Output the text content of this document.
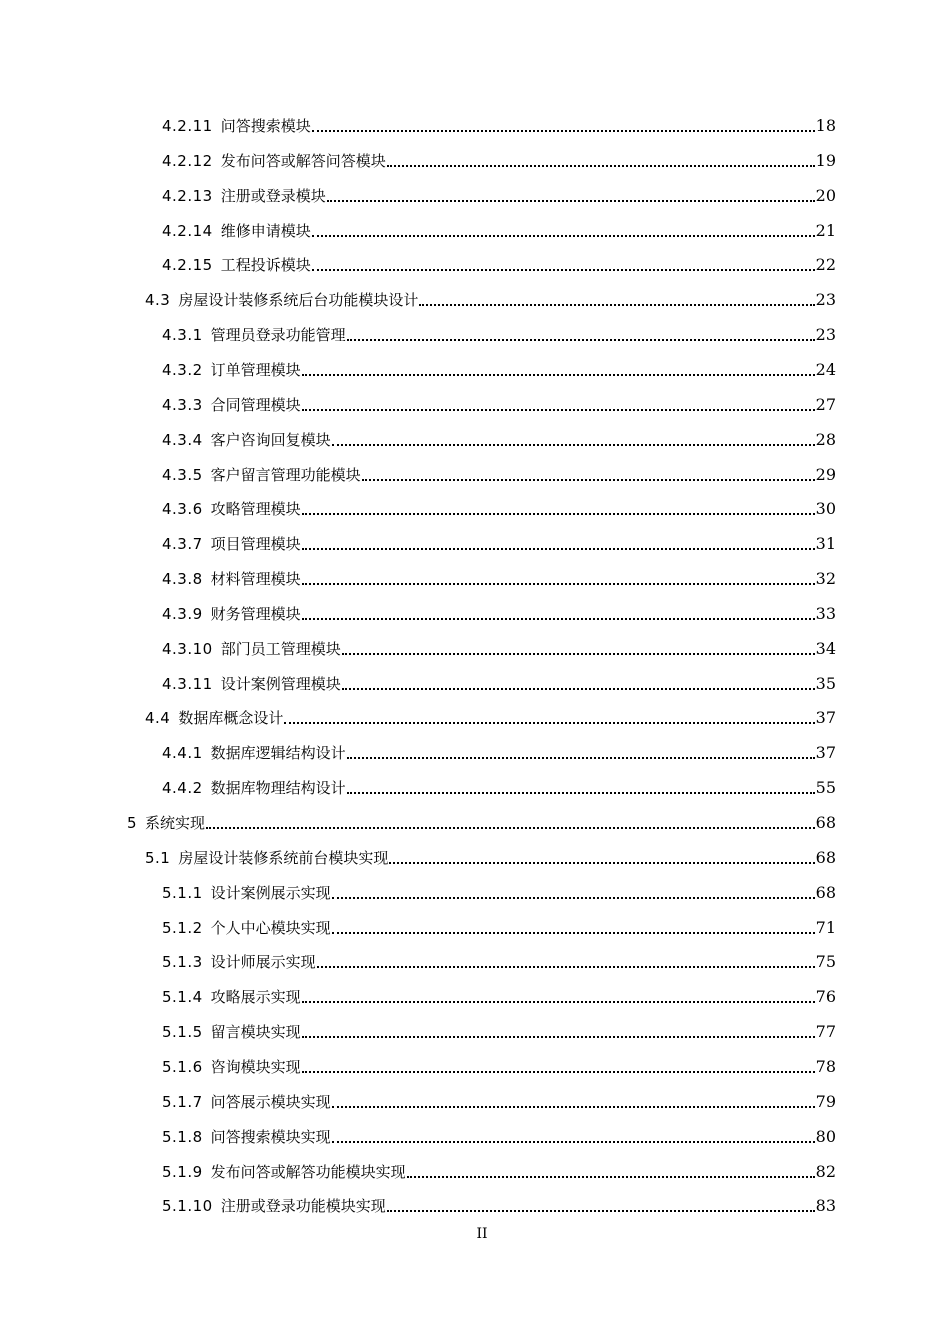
4.2.11 问答搜索模块	18
4.2.12 发布问答或解答问答模块	19
4.2.13 注册或登录模块	20
4.2.14 维修申请模块	21
4.2.15 工程投诉模块	22
4.3 房屋设计装修系统后台功能模块设计	23
4.3.1 管理员登录功能管理	23
4.3.2 订单管理模块	24
4.3.3 合同管理模块	27
4.3.4 客户咨询回复模块	28
4.3.5 客户留言管理功能模块	29
4.3.6 攻略管理模块	30
4.3.7 项目管理模块	31
4.3.8 材料管理模块	32
4.3.9 财务管理模块	33
4.3.10 部门员工管理模块	34
4.3.11 设计案例管理模块	35
4.4 数据库概念设计	37
4.4.1 数据库逻辑结构设计	37
4.4.2 数据库物理结构设计	55
5 系统实现	68
5.1 房屋设计装修系统前台模块实现	68
5.1.1 设计案例展示实现	68
5.1.2 个人中心模块实现	71
5.1.3 设计师展示实现	75
5.1.4 攻略展示实现	76
5.1.5 留言模块实现	77
5.1.6 咨询模块实现	78
5.1.7 问答展示模块实现	79
5.1.8 问答搜索模块实现	80
5.1.9 发布问答或解答功能模块实现	82
5.1.10 注册或登录功能模块实现	83
II
